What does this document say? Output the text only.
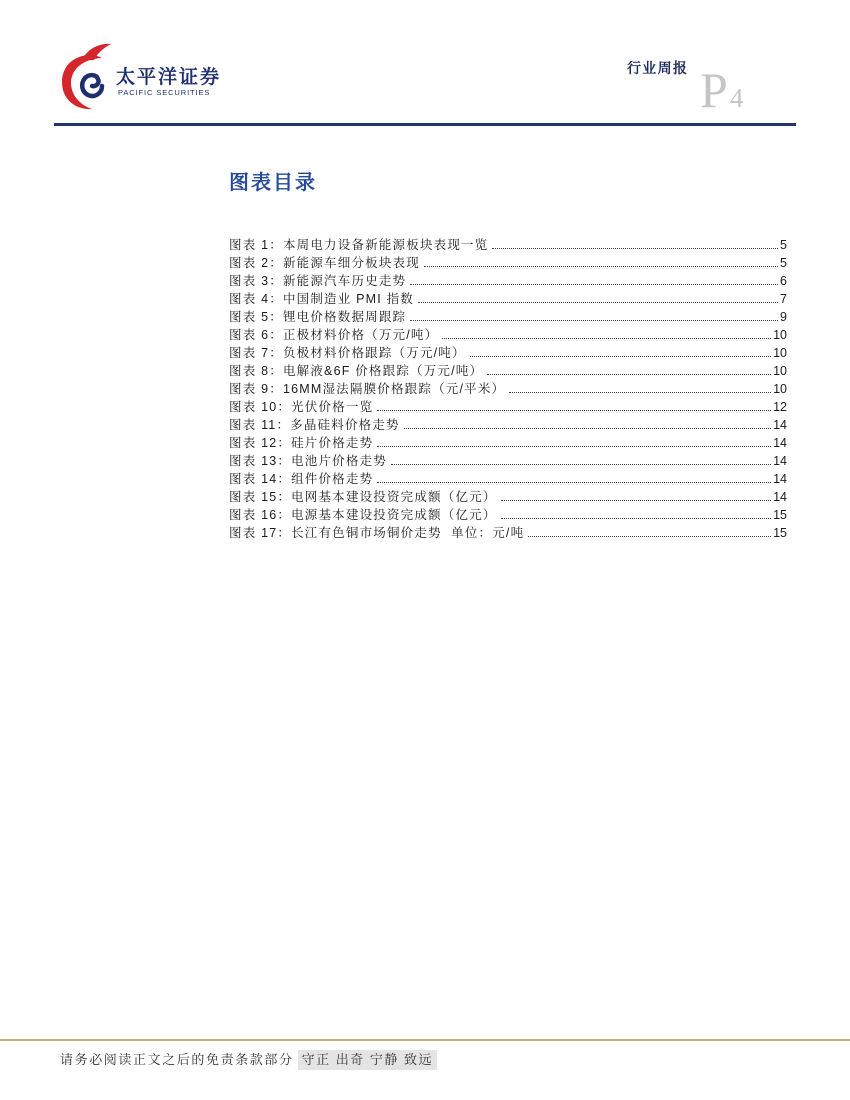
太平洋证券
PACIFIC SECURITIES
行业周报 P4
图表目录
图表 1： 本周电力设备新能源板块表现一览	5
图表 2： 新能源车细分板块表现	5
图表 3： 新能源汽车历史走势	6
图表 4： 中国制造业 PMI 指数	7
图表 5： 锂电价格数据周跟踪	9
图表 6： 正极材料价格（万元/吨）	10
图表 7： 负极材料价格跟踪（万元/吨）	10
图表 8： 电解液&6F 价格跟踪（万元/吨）	10
图表 9： 16MM湿法隔膜价格跟踪（元/平米）	10
图表 10： 光伏价格一览	12
图表 11： 多晶硅料价格走势	14
图表 12： 硅片价格走势	14
图表 13： 电池片价格走势	14
图表 14： 组件价格走势	14
图表 15： 电网基本建设投资完成额（亿元）	14
图表 16： 电源基本建设投资完成额（亿元）	15
图表 17： 长江有色铜市场铜价走势  单位：元/吨	15
请务必阅读正文之后的免责条款部分 守正 出奇 宁静 致远
